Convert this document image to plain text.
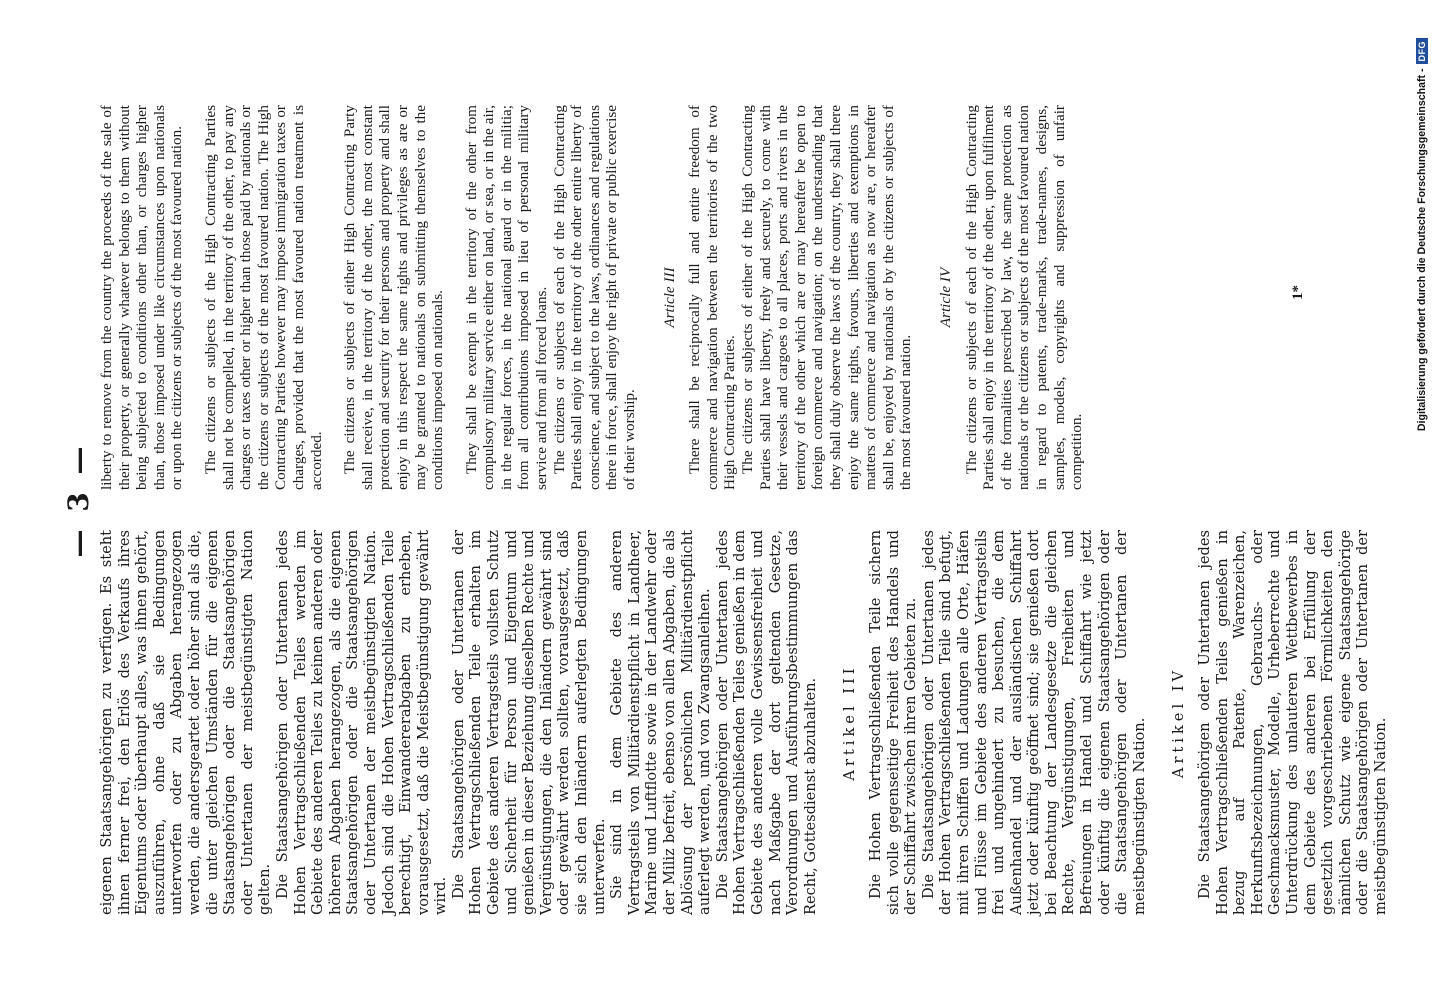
— 3 —

eigenen Staatsangehörigen zu verfügen. Es steht ihnen ferner frei, den Erlös des Verkaufs ihres Eigentums oder überhaupt alles, was ihnen gehört, auszuführen, ohne daß sie Bedingungen unterworfen oder zu Abgaben herangezogen werden, die andersgeartet oder höher sind als die, die unter gleichen Umständen für die eigenen Staatsangehörigen oder die Staatsangehörigen oder Untertanen der meistbegünstigten Nation gelten. Die Staatsangehörigen oder Untertanen jedes Hohen Vertragschließenden Teiles werden im Gebiete des anderen Teiles zu keinen anderen oder höheren Abgaben herangezogen, als die eigenen Staatsangehörigen oder die Staatsangehörigen oder Untertanen der meistbegünstigten Nation. Jedoch sind die Hohen Vertragschließenden Teile berechtigt, Einwandererabgaben zu erheben, vorausgesetzt, daß die Meistbegünstigung gewährt wird. Die Staatsangehörigen oder Untertanen der Hohen Vertragschließenden Teile erhalten im Gebiete des anderen Vertragsteils vollsten Schutz und Sicherheit für Person und Eigentum und genießen in dieser Beziehung dieselben Rechte und Vergünstigungen, die den Inländern gewährt sind oder gewährt werden sollten, vorausgesetzt, daß sie sich den Inländern auferlegten Bedingungen unterwerfen. Sie sind in dem Gebiete des anderen Vertragsteils von Militärdienstpflicht in Landheer, Marine und Luftflotte sowie in der Landwehr oder der Miliz befreit, ebenso von allen Abgaben, die als Ablösung der persönlichen Militärdienstpflicht auferlegt werden, und von Zwangsanleihen. Die Staatsangehörigen oder Untertanen jedes Hohen Vertragschließenden Teiles genießen in dem Gebiete des anderen volle Gewissensfreiheit und nach Maßgabe der dort geltenden Gesetze, Verordnungen und Ausführungsbestimmungen das Recht, Gottesdienst abzuhalten. Artikel III Die Hohen Vertragschließenden Teile sichern sich volle gegenseitige Freiheit des Handels und der Schiffahrt zwischen ihren Gebieten zu. Die Staatsangehörigen oder Untertanen jedes der Hohen Vertragschließenden Teile sind befugt, mit ihren Schiffen und Ladungen alle Orte, Häfen und Flüsse im Gebiete des anderen Vertragsteils frei und ungehindert zu besuchen, die dem Außenhandel und der ausländischen Schiffahrt jetzt oder künftig geöffnet sind; sie genießen dort bei Beachtung der Landesgesetze die gleichen Rechte, Vergünstigungen, Freiheiten und Befreiungen in Handel und Schiffahrt wie jetzt oder künftig die eigenen Staatsangehörigen oder die Staatsangehörigen oder Untertanen der meistbegünstigten Nation. Artikel IV Die Staatsangehörigen oder Untertanen jedes Hohen Vertragschließenden Teiles genießen in bezug auf Patente, Warenzeichen, Herkunftsbezeichnungen, Gebrauchs- oder Geschmacksmuster, Modelle, Urheberrechte und Unterdrückung des unlauteren Wettbewerbes in dem Gebiete des anderen bei Erfüllung der gesetzlich vorgeschriebenen Förmlichkeiten den nämlichen Schutz wie eigene Staatsangehörige oder die Staatsangehörigen oder Untertanen der meistbegünstigten Nation.

liberty to remove from the country the proceeds of the sale of their property, or generally whatever belongs to them without being subjected to conditions other than, or charges higher than, those imposed under like circumstances upon nationals or upon the citizens or subjects of the most favoured nation. The citizens or subjects of the High Contracting Parties shall not be compelled, in the territory of the other, to pay any charges or taxes other or higher than those paid by nationals or the citizens or subjects of the most favoured nation. The High Contracting Parties however may impose immigration taxes or charges, provided that the most favoured nation treatment is accorded. The citizens or subjects of either High Contracting Party shall receive, in the territory of the other, the most constant protection and security for their persons and property and shall enjoy in this respect the same rights and privileges as are or may be granted to nationals on submitting themselves to the conditions imposed on nationals. They shall be exempt in the territory of the other from compulsory military service either on land, or sea, or in the air, in the regular forces, in the national guard or in the militia; from all contributions imposed in lieu of personal military service and from all forced loans. The citizens or subjects of each of the High Contracting Parties shall enjoy in the territory of the other entire liberty of conscience, and subject to the laws, ordinances and regulations there in force, shall enjoy the right of private or public exercise of their worship.

Article III There shall be reciprocally full and entire freedom of commerce and navigation between the territories of the two High Contracting Parties. The citizens or subjects of either of the High Contracting Parties shall have liberty, freely and securely, to come with their vessels and cargoes to all places, ports and rivers in the territory of the other which are or may hereafter be open to foreign commerce and navigation; on the understanding that they shall duly observe the laws of the country, they shall there enjoy the same rights, favours, liberties and exemptions in matters of commerce and navigation as now are, or hereafter shall be, enjoyed by nationals or by the citizens or subjects of the most favoured nation.

Article IV The citizens or subjects of each of the High Contracting Parties shall enjoy in the territory of the other, upon fulfilment of the formalities prescribed by law, the same protection as nationals or the citizens or subjects of the most favoured nation in regard to patents, trade-marks, trade-names, designs, samples, models, copyrights and suppression of unfair competition.

1*	Digitalisierung gefördert durch die Deutsche Forschungsgemeinschaft -
DFG
